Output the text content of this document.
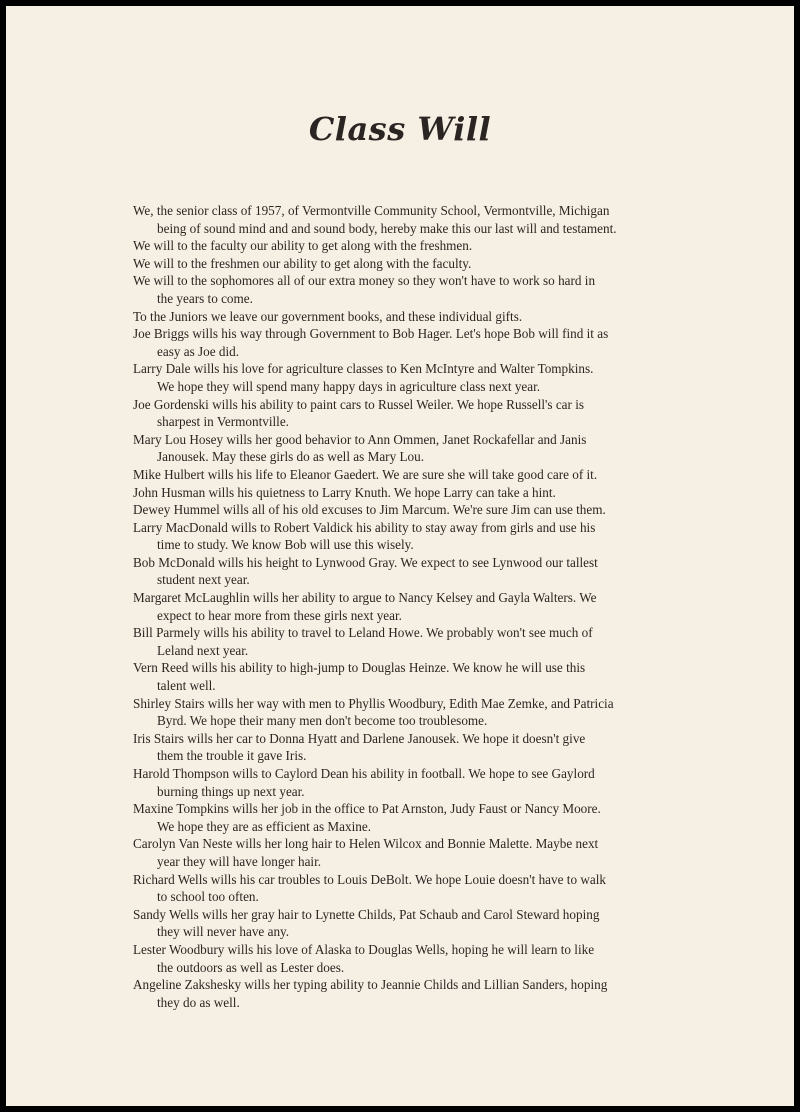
Class Will

We, the senior class of 1957, of Vermontville Community School, Vermontville, Michigan
being of sound mind and and sound body, hereby make this our last will and testament.

We will to the faculty our ability to get along with the freshmen.

We will to the freshmen our ability to get along with the faculty.

We will to the sophomores all of our extra money so they won't have to work so hard in
the years to come.

To the Juniors we leave our government books, and these individual gifts.

Joe Briggs wills his way through Government to Bob Hager. Let's hope Bob will find it as
easy as Joe did.

Larry Dale wills his love for agriculture classes to Ken McIntyre and Walter Tompkins.
We hope they will spend many happy days in agriculture class next year.

Joe Gordenski wills his ability to paint cars to Russel Weiler. We hope Russell's car is
sharpest in Vermontville.

Mary Lou Hosey wills her good behavior to Ann Ommen, Janet Rockafellar and Janis
Janousek. May these girls do as well as Mary Lou.

Mike Hulbert wills his life to Eleanor Gaedert. We are sure she will take good care of it.

John Husman wills his quietness to Larry Knuth. We hope Larry can take a hint.

Dewey Hummel wills all of his old excuses to Jim Marcum. We're sure Jim can use them.

Larry MacDonald wills to Robert Valdick his ability to stay away from girls and use his
time to study. We know Bob will use this wisely.

Bob McDonald wills his height to Lynwood Gray. We expect to see Lynwood our tallest
student next year.

Margaret McLaughlin wills her ability to argue to Nancy Kelsey and Gayla Walters. We
expect to hear more from these girls next year.

Bill Parmely wills his ability to travel to Leland Howe. We probably won't see much of
Leland next year.

Vern Reed wills his ability to high-jump to Douglas Heinze. We know he will use this
talent well.

Shirley Stairs wills her way with men to Phyllis Woodbury, Edith Mae Zemke, and Patricia
Byrd. We hope their many men don't become too troublesome.

Iris Stairs wills her car to Donna Hyatt and Darlene Janousek. We hope it doesn't give
them the trouble it gave Iris.

Harold Thompson wills to Caylord Dean his ability in football. We hope to see Gaylord
burning things up next year.

Maxine Tompkins wills her job in the office to Pat Arnston, Judy Faust or Nancy Moore.
We hope they are as efficient as Maxine.

Carolyn Van Neste wills her long hair to Helen Wilcox and Bonnie Malette. Maybe next
year they will have longer hair.

Richard Wells wills his car troubles to Louis DeBolt. We hope Louie doesn't have to walk
to school too often.

Sandy Wells wills her gray hair to Lynette Childs, Pat Schaub and Carol Steward hoping
they will never have any.

Lester Woodbury wills his love of Alaska to Douglas Wells, hoping he will learn to like
the outdoors as well as Lester does.

Angeline Zakshesky wills her typing ability to Jeannie Childs and Lillian Sanders, hoping
they do as well.
